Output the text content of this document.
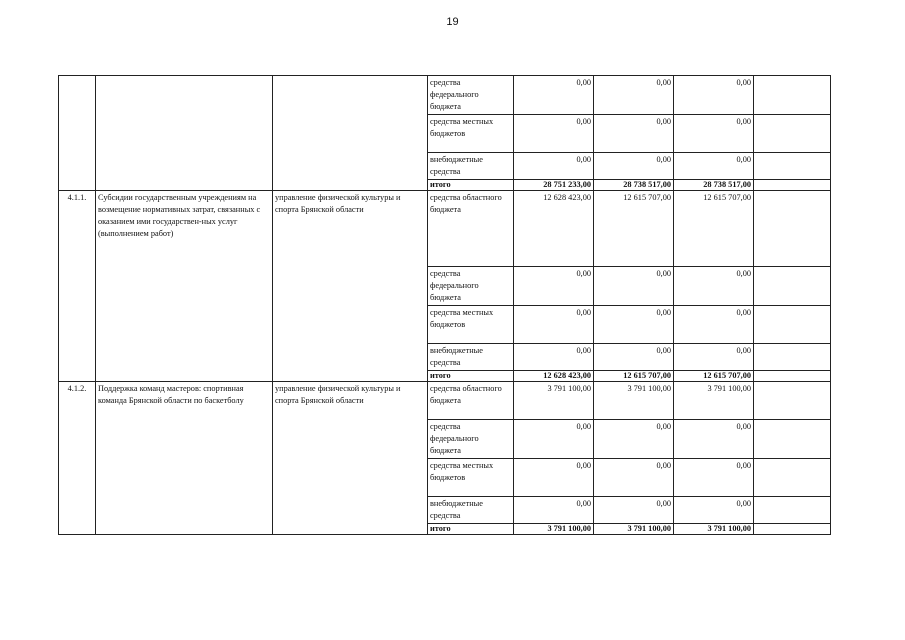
19
			средства федерального бюджета	0,00	0,00	0,00	
			средства местных бюджетов	0,00	0,00	0,00	
			внебюджетные средства	0,00	0,00	0,00	
			итого	28 751 233,00	28 738 517,00	28 738 517,00	
4.1.1.	Субсидии государственным учреждениям на возмещение нормативных затрат, связанных с оказанием ими государствен-ных услуг (выполнением работ)	управление физической культуры и спорта Брянской области	средства областного бюджета	12 628 423,00	12 615 707,00	12 615 707,00	
			средства федерального бюджета	0,00	0,00	0,00	
			средства местных бюджетов	0,00	0,00	0,00	
			внебюджетные средства	0,00	0,00	0,00	
			итого	12 628 423,00	12 615 707,00	12 615 707,00	
4.1.2.	Поддержка команд мастеров: спортивная команда Брянской области по баскетболу	управление физической культуры и спорта Брянской области	средства областного бюджета	3 791 100,00	3 791 100,00	3 791 100,00	
			средства федерального бюджета	0,00	0,00	0,00	
			средства местных бюджетов	0,00	0,00	0,00	
			внебюджетные средства	0,00	0,00	0,00	
			итого	3 791 100,00	3 791 100,00	3 791 100,00	
